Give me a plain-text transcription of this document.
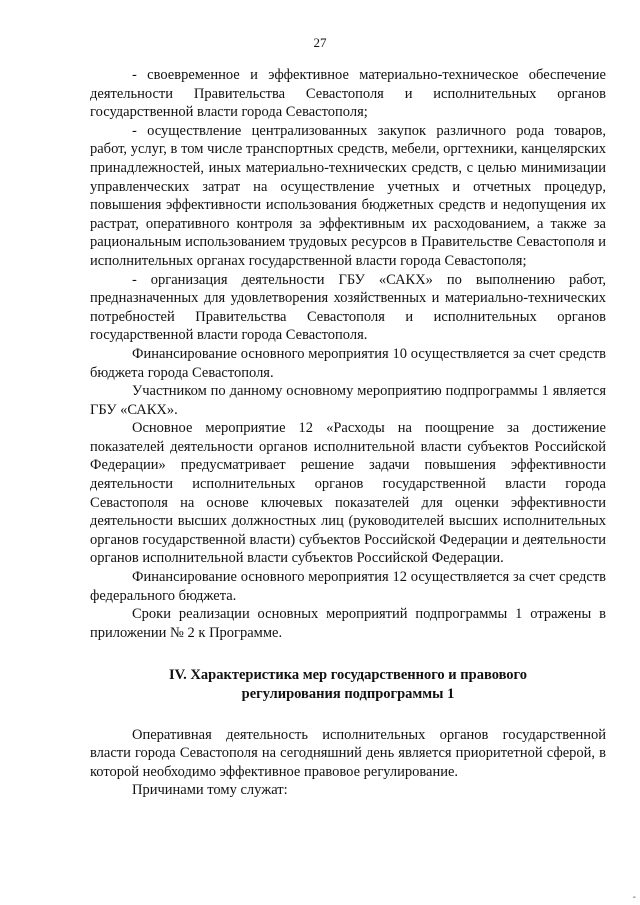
27

- своевременное и эффективное материально-техническое обеспечение деятельности Правительства Севастополя и исполнительных органов государственной власти города Севастополя;

- осуществление централизованных закупок различного рода товаров, работ, услуг, в том числе транспортных средств, мебели, оргтехники, канцелярских принадлежностей, иных материально-технических средств, с целью минимизации управленческих затрат на осуществление учетных и отчетных процедур, повышения эффективности использования бюджетных средств и недопущения их растрат, оперативного контроля за эффективным их расходованием, а также за рациональным использованием трудовых ресурсов в Правительстве Севастополя и исполнительных органах государственной власти города Севастополя;

- организация деятельности ГБУ «САКХ» по выполнению работ, предназначенных для удовлетворения хозяйственных и материально-технических потребностей Правительства Севастополя и исполнительных органов государственной власти города Севастополя.

Финансирование основного мероприятия 10 осуществляется за счет средств бюджета города Севастополя.

Участником по данному основному мероприятию подпрограммы 1 является ГБУ «САКХ».

Основное мероприятие 12 «Расходы на поощрение за достижение показателей деятельности органов исполнительной власти субъектов Российской Федерации» предусматривает решение задачи повышения эффективности деятельности исполнительных органов государственной власти города Севастополя на основе ключевых показателей для оценки эффективности деятельности высших должностных лиц (руководителей высших исполнительных органов государственной власти) субъектов Российской Федерации и деятельности органов исполнительной власти субъектов Российской Федерации.

Финансирование основного мероприятия 12 осуществляется за счет средств федерального бюджета.

Сроки реализации основных мероприятий подпрограммы 1 отражены в приложении № 2 к Программе.

IV. Характеристика мер государственного и правового
регулирования подпрограммы 1

Оперативная деятельность исполнительных органов государственной власти города Севастополя на сегодняшний день является приоритетной сферой, в которой необходимо эффективное правовое регулирование.

Причинами тому служат:

-
